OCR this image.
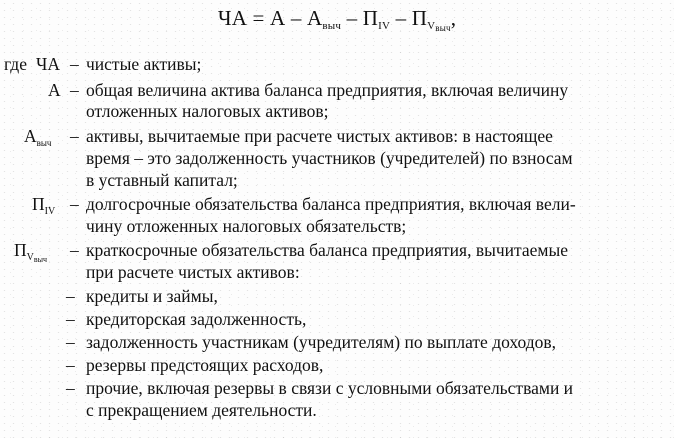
ЧА = А – $А_{выч} - П_{IV} - П_{V_{выч}}$,
где ЧА – чистые активы;
А – общая величина актива баланса предприятия, включая величину
отложенных налоговых активов;
$А_{выч}$ – активы, вычитаемые при расчете чистых активов: в настоящее
время – это задолженность участников (учредителей) по взносам
в уставный капитал;
$П_{IV}$ – долгосрочные обязательства баланса предприятия, включая вели-
чину отложенных налоговых обязательств;
$П_{V_{выч}}$ – краткосрочные обязательства баланса предприятия, вычитаемые
при расчете чистых активов:
– кредиты и займы,
– кредиторская задолженность,
– задолженность участникам (учредителям) по выплате доходов,
– резервы предстоящих расходов,
– прочие, включая резервы в связи с условными обязательствами и
с прекращением деятельности.
